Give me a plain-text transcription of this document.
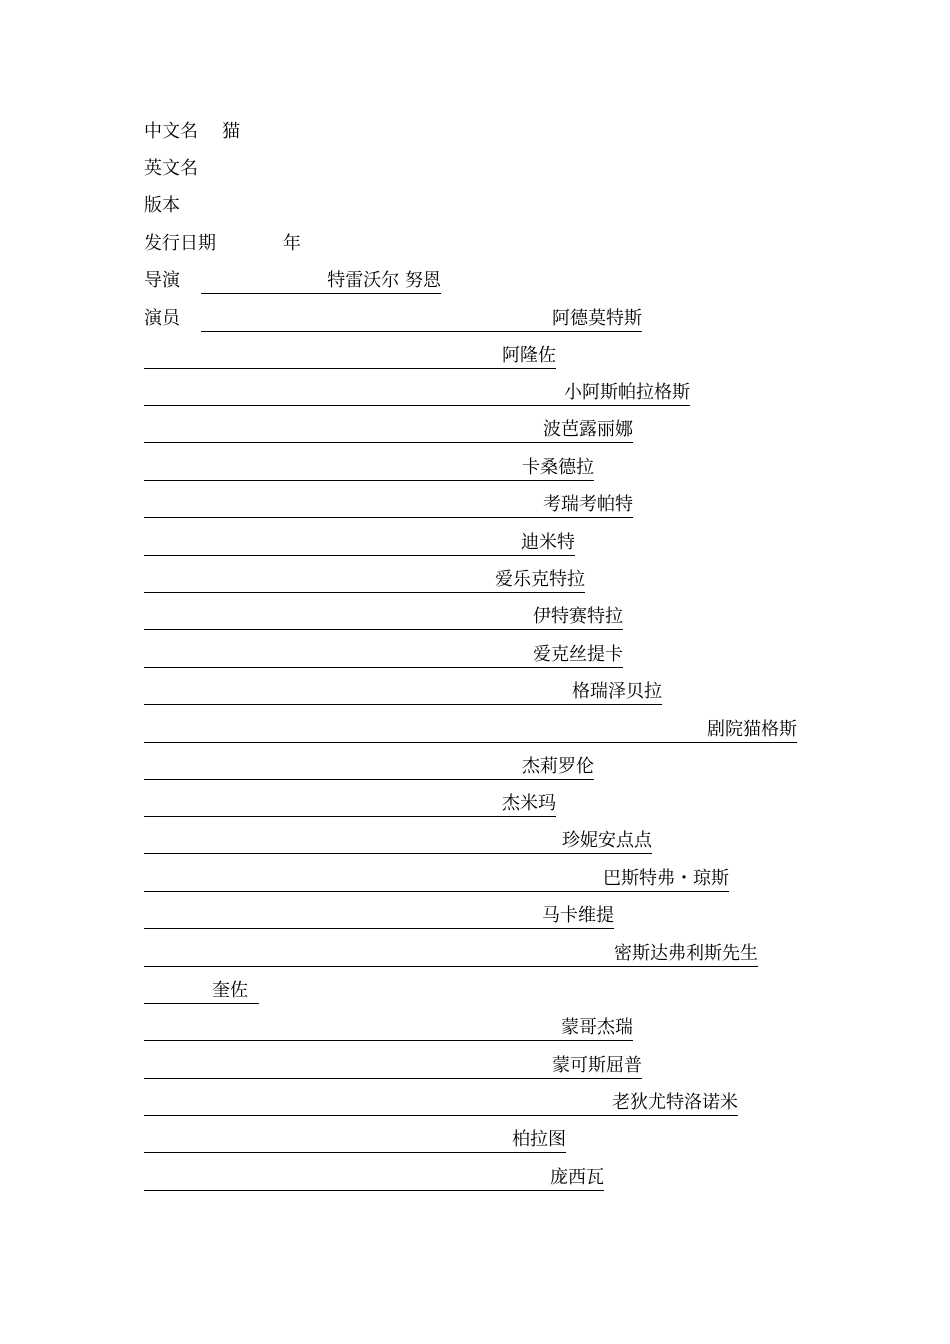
中文名 猫
英文名
版本
发行日期	年
导演	特雷沃尔 努恩
演员	阿德莫特斯
阿隆佐
小阿斯帕拉格斯
波芭露丽娜
卡桑德拉
考瑞考帕特
迪米特
爱乐克特拉
伊特赛特拉
爱克丝提卡
格瑞泽贝拉
剧院猫格斯
杰莉罗伦
杰米玛
珍妮安点点
巴斯特弗・琼斯
马卡维提
密斯达弗利斯先生
奎佐
蒙哥杰瑞
蒙可斯屈普
老狄尤特洛诺米
柏拉图
庞西瓦
